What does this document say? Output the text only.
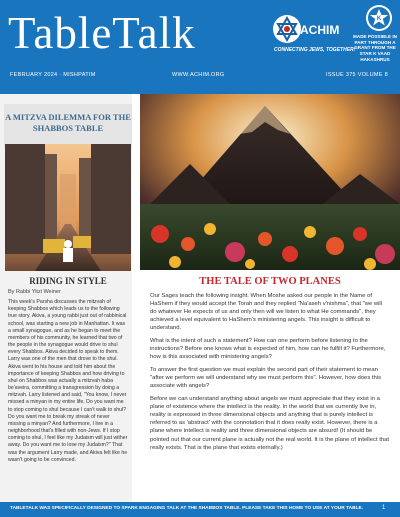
TableTalk	ACHIM
CONNECTING JEWS, TOGETHER!
K
MADE POSSIBLE IN PART THROUGH A GRANT FROM THE STAR K VAAD HAKASHRUS
FEBRUARY 2024 · MISHPATIM	WWW.ACHIM.ORG	ISSUE 375 VOLUME 8
A MITZVA DILEMMA FOR THE SHABBOS TABLE
RIDING IN STYLE
By Rabbi Yitzi Weiner
This week's Parsha discusses the mitzvah of keeping Shabbos which leads us to the following true story. Akiva, a young rabbi just out of rabbinical school, was starting a new job in Manhattan. It was a small synagogue, and as he began to meet the members of his community, he learned that two of the people in the synagogue would drive to shul every Shabbos. Akiva decided to speak to them. Larry was one of the men that drove to the shul. Akiva went to his house and told him about the importance of keeping Shabbos and how driving to shul on Shabbos was actually a mitzvah haba be'aveira, committing a transgression by doing a mitzvah. Larry listened and said, "You know, I never missed a minyan in my entire life. Do you want me to stop coming to shul because I can't walk to shul? Do you want me to break my streak of never missing a minyan? And furthermore, I live in a neighborhood that's filled with non-Jews. If I stop coming to shul, I feel like my Judaism will just wither away. Do you want me to lose my Judaism?" That was the argument Larry made, and Akiva felt like he wasn't going to be convinced.
THE TALE OF TWO PLANES

Our Sages teach the following insight. When Moshe asked our people in the Name of HaShem if they would accept the Torah and they replied "Na'aseh v'nishma", that "we will do whatever He expects of us and only then will we listen to what He commands", they achieved a level equivalent to HaShem's ministering angels. This insight is difficult to understand.

What is the intent of such a statement? How can one perform before listening to the instructions? Before one knows what is expected of him, how can he fulfill it? Furthermore, how is this associated with ministering angels?

To answer the first question we must explain the second part of their statement to mean "after we perform we will understand why we must perform this". However, how does this associate with angels?

Before we can understand anything about angels we must appreciate that they exist in a plane of existence where the intellect is the reality. In the world that we currently live in, reality is expressed in three dimensional objects and anything that is purely intellect is referred to as 'abstract' with the connotation that it does really exist. However, there is a plane where intellect is reality and three dimensional objects are absurd! (It should be pointed out that our current plane is actually not the real world. It is the plane of intellect that really exists. That is the plane that exists eternally.)

TABLETALK WAS SPECIFICALLY DESIGNED TO SPARK ENGAGING TALK AT THE SHABBOS TABLE. PLEASE TAKE THIS HOME TO USE AT YOUR TABLE.	1
